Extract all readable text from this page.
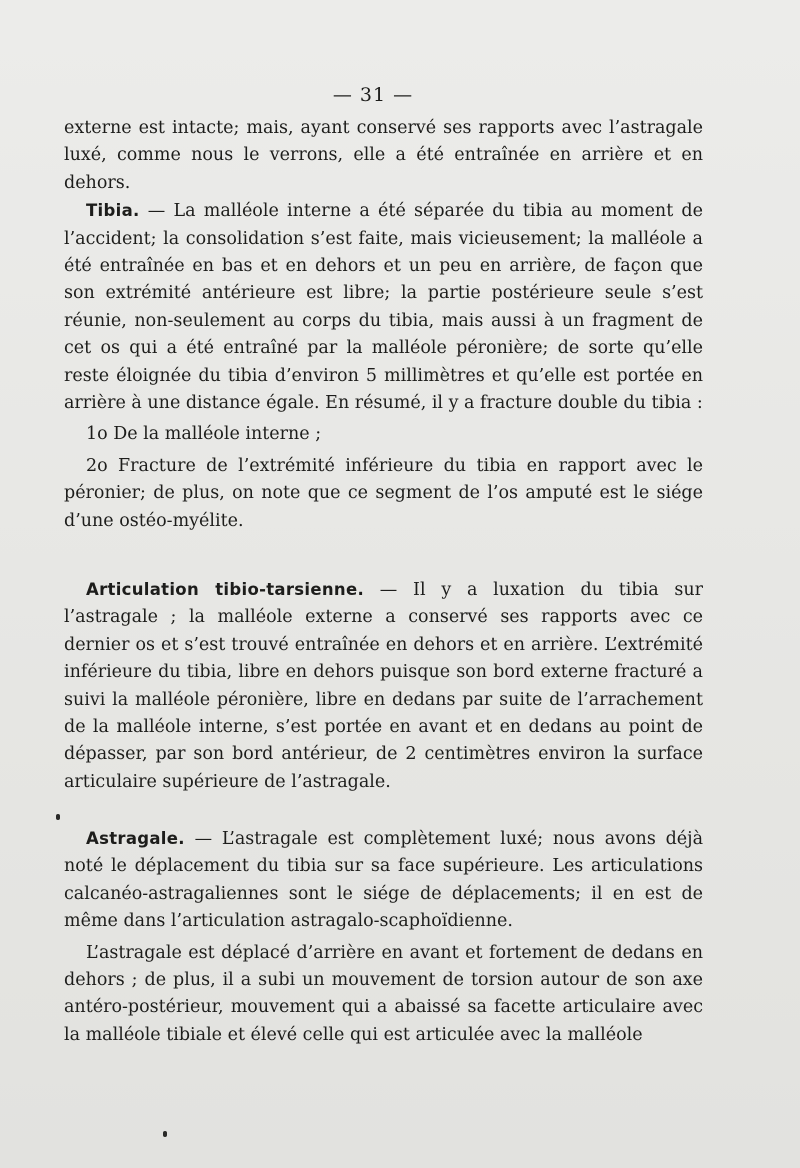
— 31 —

externe est intacte; mais, ayant conservé ses rapports avec l’astragale luxé, comme nous le verrons, elle a été entraînée en arrière et en dehors.

Tibia. — La malléole interne a été séparée du tibia au moment de l’accident; la consolidation s’est faite, mais vicieusement; la malléole a été entraînée en bas et en dehors et un peu en arrière, de façon que son extrémité antérieure est libre; la partie postérieure seule s’est réunie, non-seulement au corps du tibia, mais aussi à un fragment de cet os qui a été entraîné par la malléole péronière; de sorte qu’elle reste éloignée du tibia d’environ 5 millimètres et qu’elle est portée en arrière à une distance égale. En résumé, il y a fracture double du tibia :

1o De la malléole interne ;

2o Fracture de l’extrémité inférieure du tibia en rapport avec le péronier; de plus, on note que ce segment de l’os amputé est le siége d’une ostéo-myélite.

Articulation tibio-tarsienne. — Il y a luxation du tibia sur l’astragale ; la malléole externe a conservé ses rapports avec ce dernier os et s’est trouvé entraînée en dehors et en arrière. L’extrémité inférieure du tibia, libre en dehors puisque son bord externe fracturé a suivi la malléole péronière, libre en dedans par suite de l’arrachement de la malléole interne, s’est portée en avant et en dedans au point de dépasser, par son bord antérieur, de 2 centimètres environ la surface articulaire supérieure de l’astragale.

Astragale. — L’astragale est complètement luxé; nous avons déjà noté le déplacement du tibia sur sa face supérieure. Les articulations calcanéo-astragaliennes sont le siége de déplacements; il en est de même dans l’articulation astragalo-scaphoïdienne.

L’astragale est déplacé d’arrière en avant et fortement de dedans en dehors ; de plus, il a subi un mouvement de torsion autour de son axe antéro-postérieur, mouvement qui a abaissé sa facette articulaire avec la malléole tibiale et élevé celle qui est articulée avec la malléole
